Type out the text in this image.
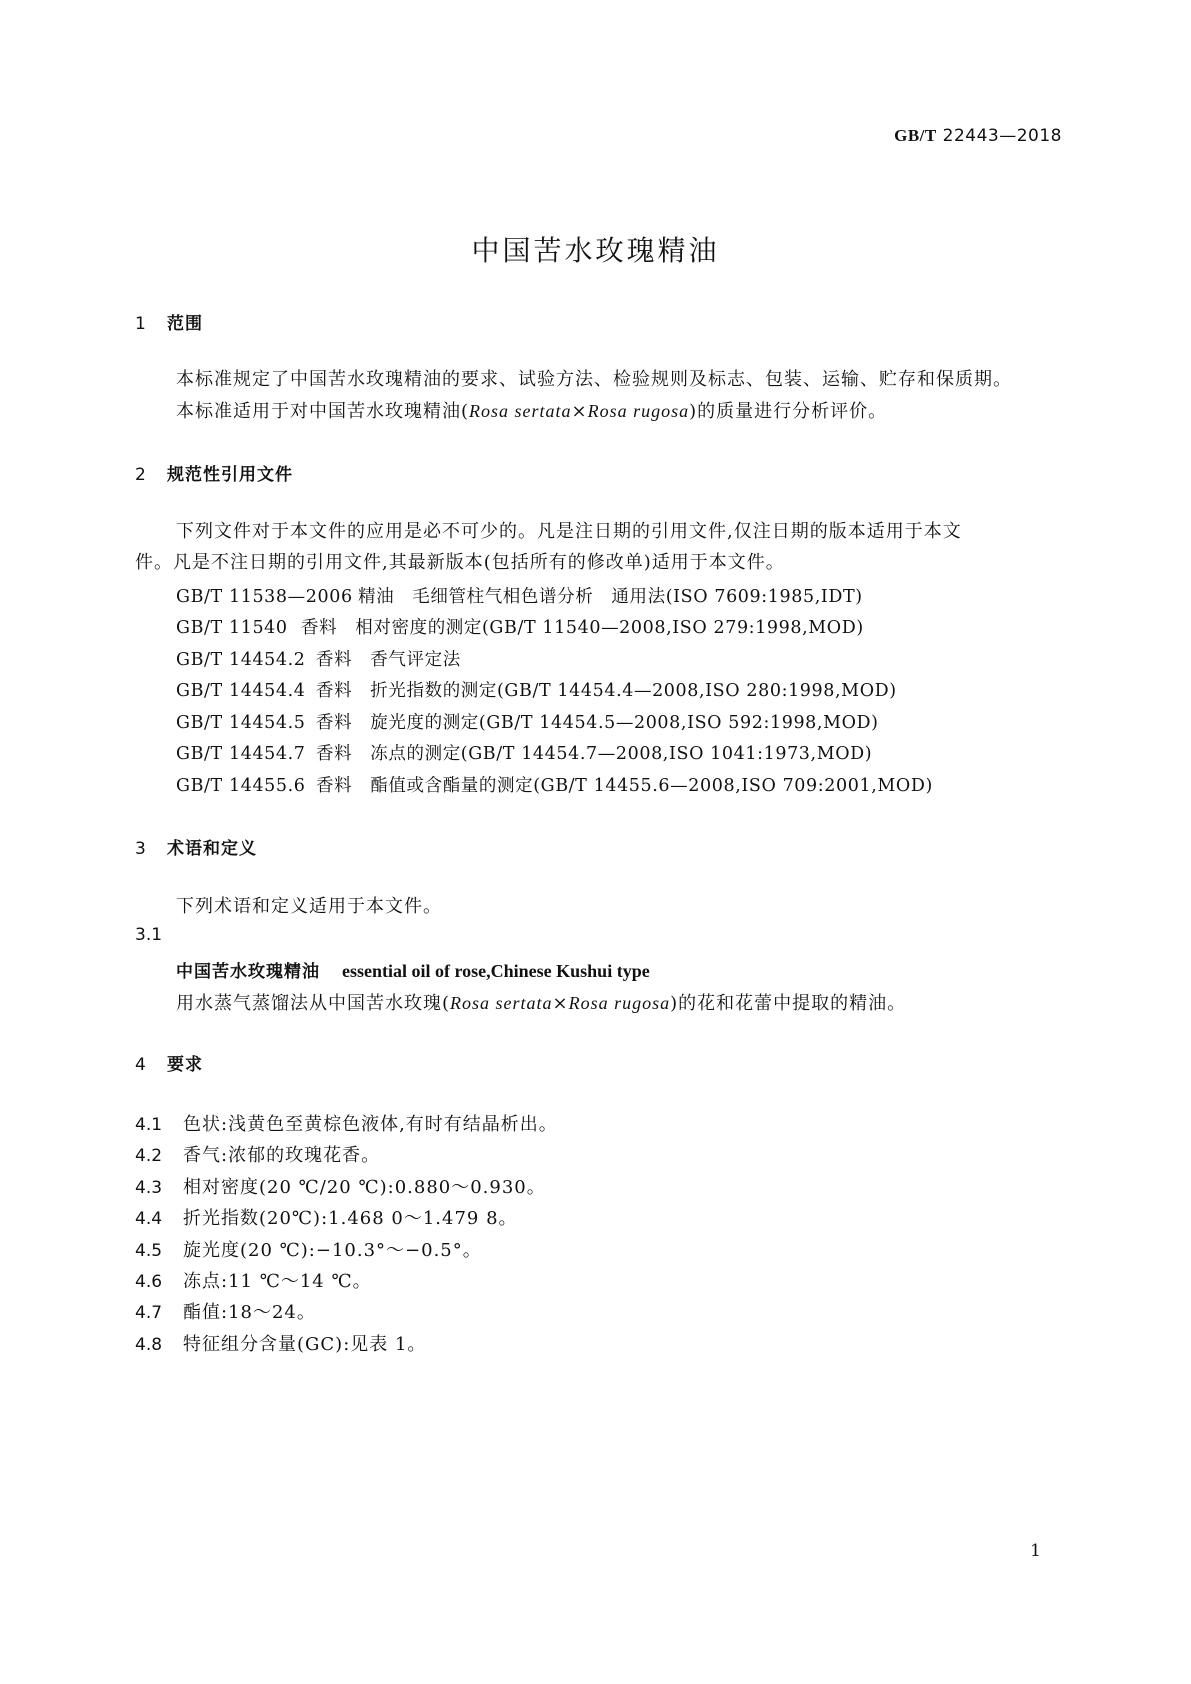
GB/T 22443—2018
中国苦水玫瑰精油
1 范围
本标准规定了中国苦水玫瑰精油的要求、试验方法、检验规则及标志、包装、运输、贮存和保质期。
本标准适用于对中国苦水玫瑰精油(Rosa sertata×Rosa rugosa)的质量进行分析评价。
2 规范性引用文件
下列文件对于本文件的应用是必不可少的。凡是注日期的引用文件,仅注日期的版本适用于本文
件。凡是不注日期的引用文件,其最新版本(包括所有的修改单)适用于本文件。
GB/T 11538—2006 精油　毛细管柱气相色谱分析　通用法(ISO 7609:1985,IDT)
GB/T 11540 香料　相对密度的测定(GB/T 11540—2008,ISO 279:1998,MOD)
GB/T 14454.2 香料　香气评定法
GB/T 14454.4 香料　折光指数的测定(GB/T 14454.4—2008,ISO 280:1998,MOD)
GB/T 14454.5 香料　旋光度的测定(GB/T 14454.5—2008,ISO 592:1998,MOD)
GB/T 14454.7 香料　冻点的测定(GB/T 14454.7—2008,ISO 1041:1973,MOD)
GB/T 14455.6 香料　酯值或含酯量的测定(GB/T 14455.6—2008,ISO 709:2001,MOD)
3 术语和定义
下列术语和定义适用于本文件。
3.1
中国苦水玫瑰精油 essential oil of rose,Chinese Kushui type
用水蒸气蒸馏法从中国苦水玫瑰(Rosa sertata×Rosa rugosa)的花和花蕾中提取的精油。
4 要求
4.1 色状:浅黄色至黄棕色液体,有时有结晶析出。
4.2 香气:浓郁的玫瑰花香。
4.3 相对密度(20 ℃/20 ℃):0.880～0.930。
4.4 折光指数(20℃):1.468 0～1.479 8。
4.5 旋光度(20 ℃):−10.3°～−0.5°。
4.6 冻点:11 ℃～14 ℃。
4.7 酯值:18～24。
4.8 特征组分含量(GC):见表 1。
1
